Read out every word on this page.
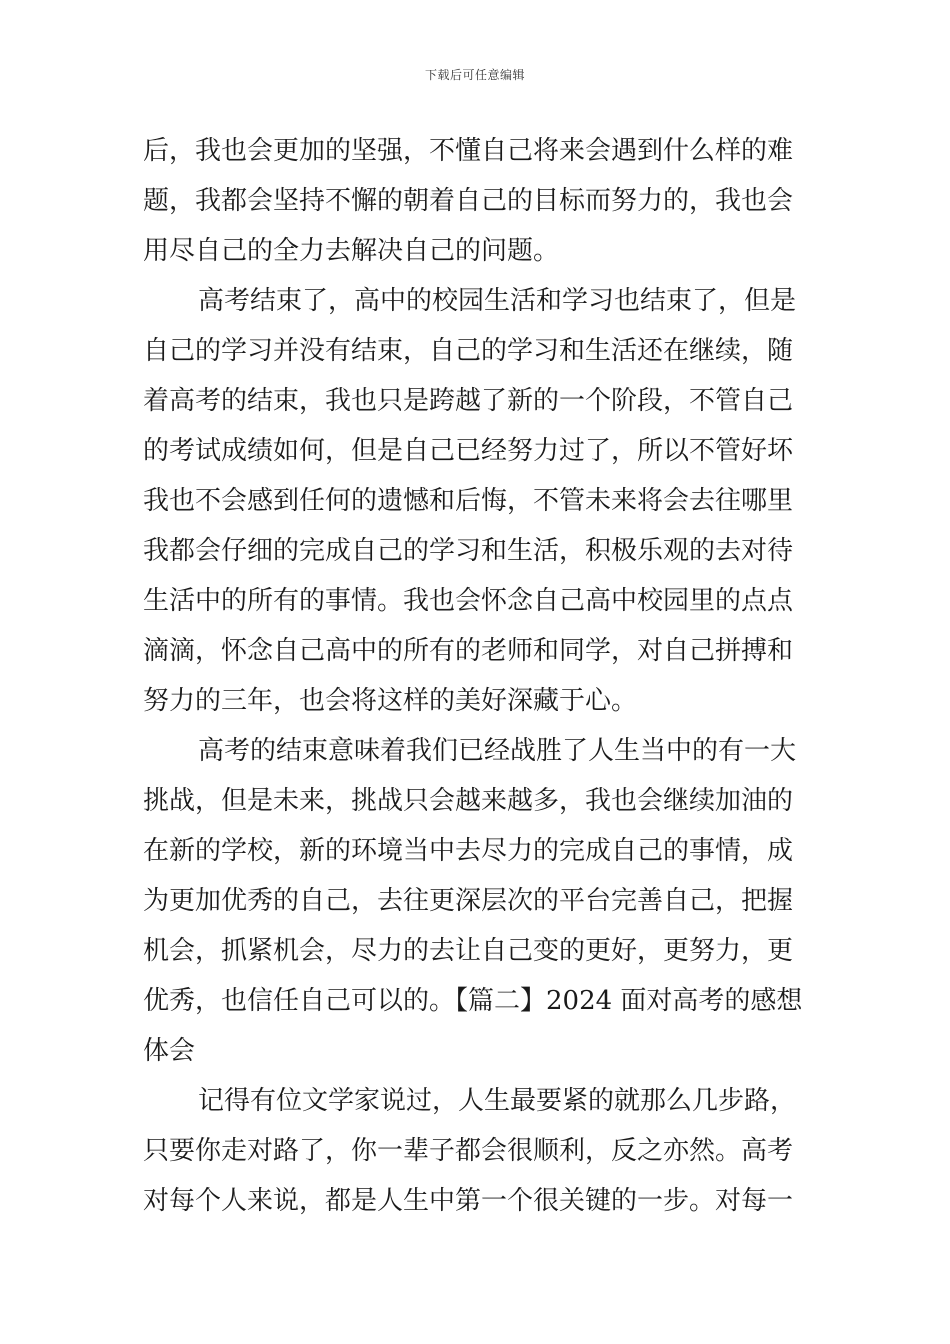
下载后可任意编辑
后，我也会更加的坚强，不懂自己将来会遇到什么样的难
题，我都会坚持不懈的朝着自己的目标而努力的，我也会
用尽自己的全力去解决自己的问题。
高考结束了，高中的校园生活和学习也结束了，但是
自己的学习并没有结束，自己的学习和生活还在继续，随
着高考的结束，我也只是跨越了新的一个阶段，不管自己
的考试成绩如何，但是自己已经努力过了，所以不管好坏
我也不会感到任何的遗憾和后悔，不管未来将会去往哪里
我都会仔细的完成自己的学习和生活，积极乐观的去对待
生活中的所有的事情。我也会怀念自己高中校园里的点点
滴滴，怀念自己高中的所有的老师和同学，对自己拼搏和
努力的三年，也会将这样的美好深藏于心。
高考的结束意味着我们已经战胜了人生当中的有一大
挑战，但是未来，挑战只会越来越多，我也会继续加油的
在新的学校，新的环境当中去尽力的完成自己的事情，成
为更加优秀的自己，去往更深层次的平台完善自己，把握
机会，抓紧机会，尽力的去让自己变的更好，更努力，更
优秀，也信任自己可以的。【篇二】2024 面对高考的感想
体会
记得有位文学家说过，人生最要紧的就那么几步路，
只要你走对路了，你一辈子都会很顺利，反之亦然。高考
对每个人来说，都是人生中第一个很关键的一步。对每一
